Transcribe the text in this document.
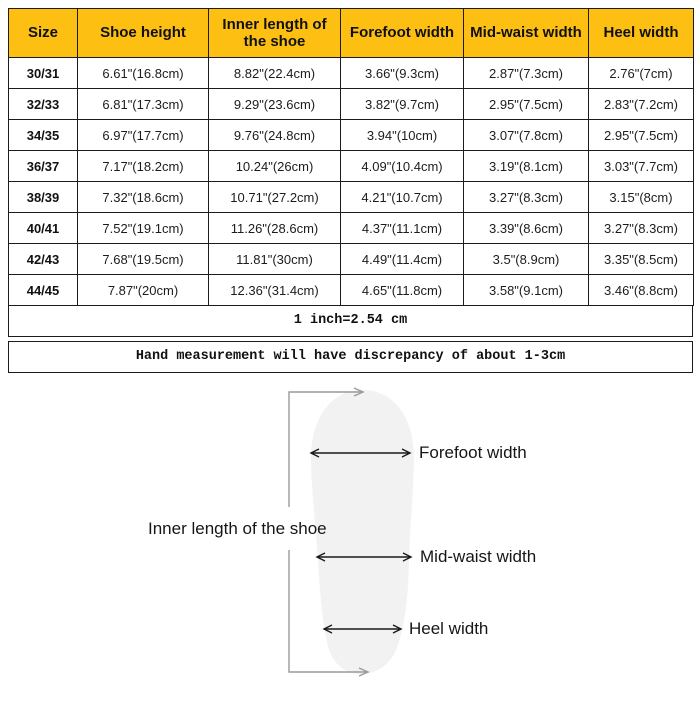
Size	Shoe height	Inner length of the shoe	Forefoot width	Mid-waist width	Heel width
30/31	6.61"(16.8cm)	8.82"(22.4cm)	3.66"(9.3cm)	2.87"(7.3cm)	2.76"(7cm)
32/33	6.81"(17.3cm)	9.29"(23.6cm)	3.82"(9.7cm)	2.95"(7.5cm)	2.83"(7.2cm)
34/35	6.97"(17.7cm)	9.76"(24.8cm)	3.94"(10cm)	3.07"(7.8cm)	2.95"(7.5cm)
36/37	7.17"(18.2cm)	10.24"(26cm)	4.09"(10.4cm)	3.19"(8.1cm)	3.03"(7.7cm)
38/39	7.32"(18.6cm)	10.71"(27.2cm)	4.21"(10.7cm)	3.27"(8.3cm)	3.15"(8cm)
40/41	7.52"(19.1cm)	11.26"(28.6cm)	4.37"(11.1cm)	3.39"(8.6cm)	3.27"(8.3cm)
42/43	7.68"(19.5cm)	11.81"(30cm)	4.49"(11.4cm)	3.5"(8.9cm)	3.35"(8.5cm)
44/45	7.87"(20cm)	12.36"(31.4cm)	4.65"(11.8cm)	3.58"(9.1cm)	3.46"(8.8cm)
1 inch=2.54 cm
Hand measurement will have discrepancy of about 1-3cm
Inner length of the shoe
Forefoot width
Mid-waist width
Heel width
